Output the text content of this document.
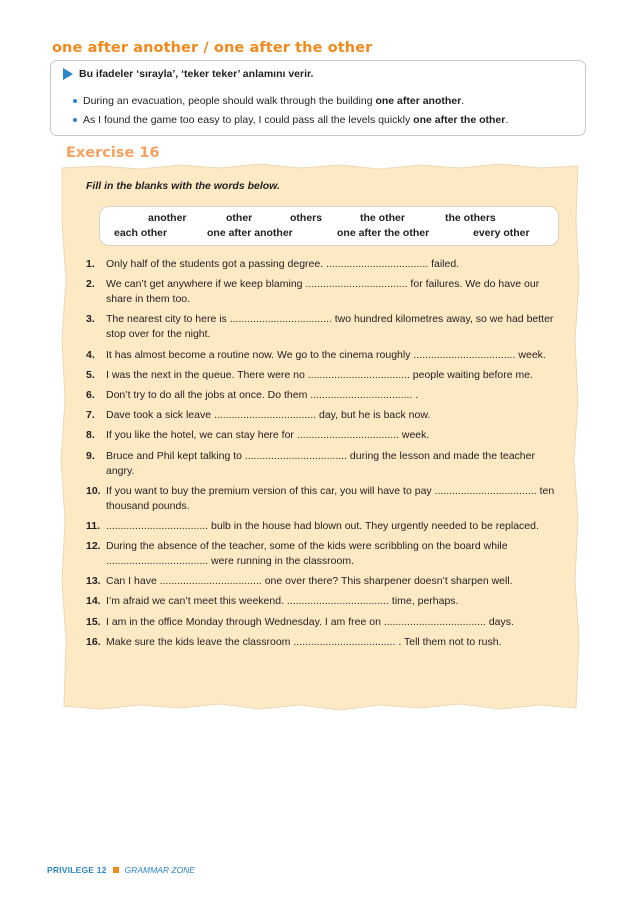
one after another / one after the other
Bu ifadeler ‘sırayla’, ‘teker teker’ anlamını verir.
During an evacuation, people should walk through the building one after another.
As I found the game too easy to play, I could pass all the levels quickly one after the other.
Exercise 16
Fill in the blanks with the words below.
another	other	others	the other	the others
each other	one after another	one after the other	every other
1.	Only half of the students got a passing degree. ................................... failed.
2.	We can’t get anywhere if we keep blaming ................................... for failures. We do have our share in them too.
3.	The nearest city to here is ................................... two hundred kilometres away, so we had better stop over for the night.
4.	It has almost become a routine now. We go to the cinema roughly ................................... week.
5.	I was the next in the queue. There were no ................................... people waiting before me.
6.	Don’t try to do all the jobs at once. Do them ................................... .
7.	Dave took a sick leave ................................... day, but he is back now.
8.	If you like the hotel, we can stay here for ................................... week.
9.	Bruce and Phil kept talking to ................................... during the lesson and made the teacher angry.
10. If you want to buy the premium version of this car, you will have to pay ................................... ten thousand pounds.
11. ................................... bulb in the house had blown out. They urgently needed to be replaced.
12. During the absence of the teacher, some of the kids were scribbling on the board while ................................... were running in the classroom.
13. Can I have ................................... one over there? This sharpener doesn’t sharpen well.
14. I’m afraid we can’t meet this weekend. ................................... time, perhaps.
15. I am in the office Monday through Wednesday. I am free on ................................... days.
16. Make sure the kids leave the classroom ................................... . Tell them not to rush.
PRIVILEGE 12 GRAMMAR ZONE
